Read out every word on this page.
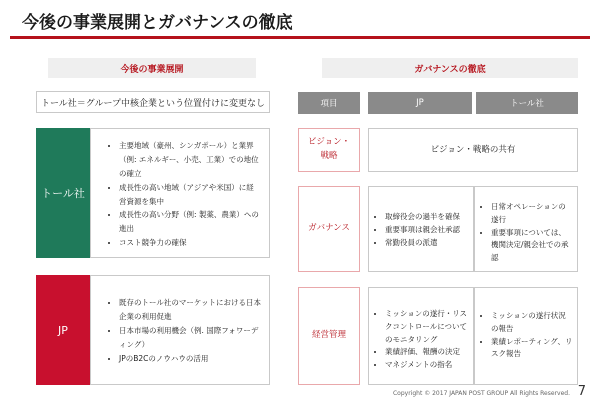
今後の事業展開とガバナンスの徹底
今後の事業展開
トール社＝グループ中核企業という位置付けに変更なし
トール社
• 主要地域（豪州、シンガポール）と業界（例: エネルギー、小売、工業）での地位の確立
• 成長性の高い地域（アジアや米国）に経営資源を集中
• 成長性の高い分野（例: 製薬、農業）への進出
• コスト競争力の確保
JP
• 既存のトール社のマーケットにおける日本企業の利用促進
• 日本市場の利用機会（例. 国際フォワーディング）
• JPのB2Cのノウハウの活用
ガバナンスの徹底
項目	JP	トール社
ビジョン・戦略
ビジョン・戦略の共有
ガバナンス
• 取締役会の過半を確保
• 重要事項は親会社承認
• 常勤役員の派遣
• 日常オペレーションの遂行
• 重要事項については、機関決定/親会社での承認
経営管理
• ミッションの遂行・リスクコントロールについてのモニタリング
• 業績評価、報酬の決定
• マネジメントの指名
• ミッションの遂行状況の報告
• 業績レポーティング、リスク報告
Copyright © 2017 JAPAN POST GROUP All Rights Reserved. 7
